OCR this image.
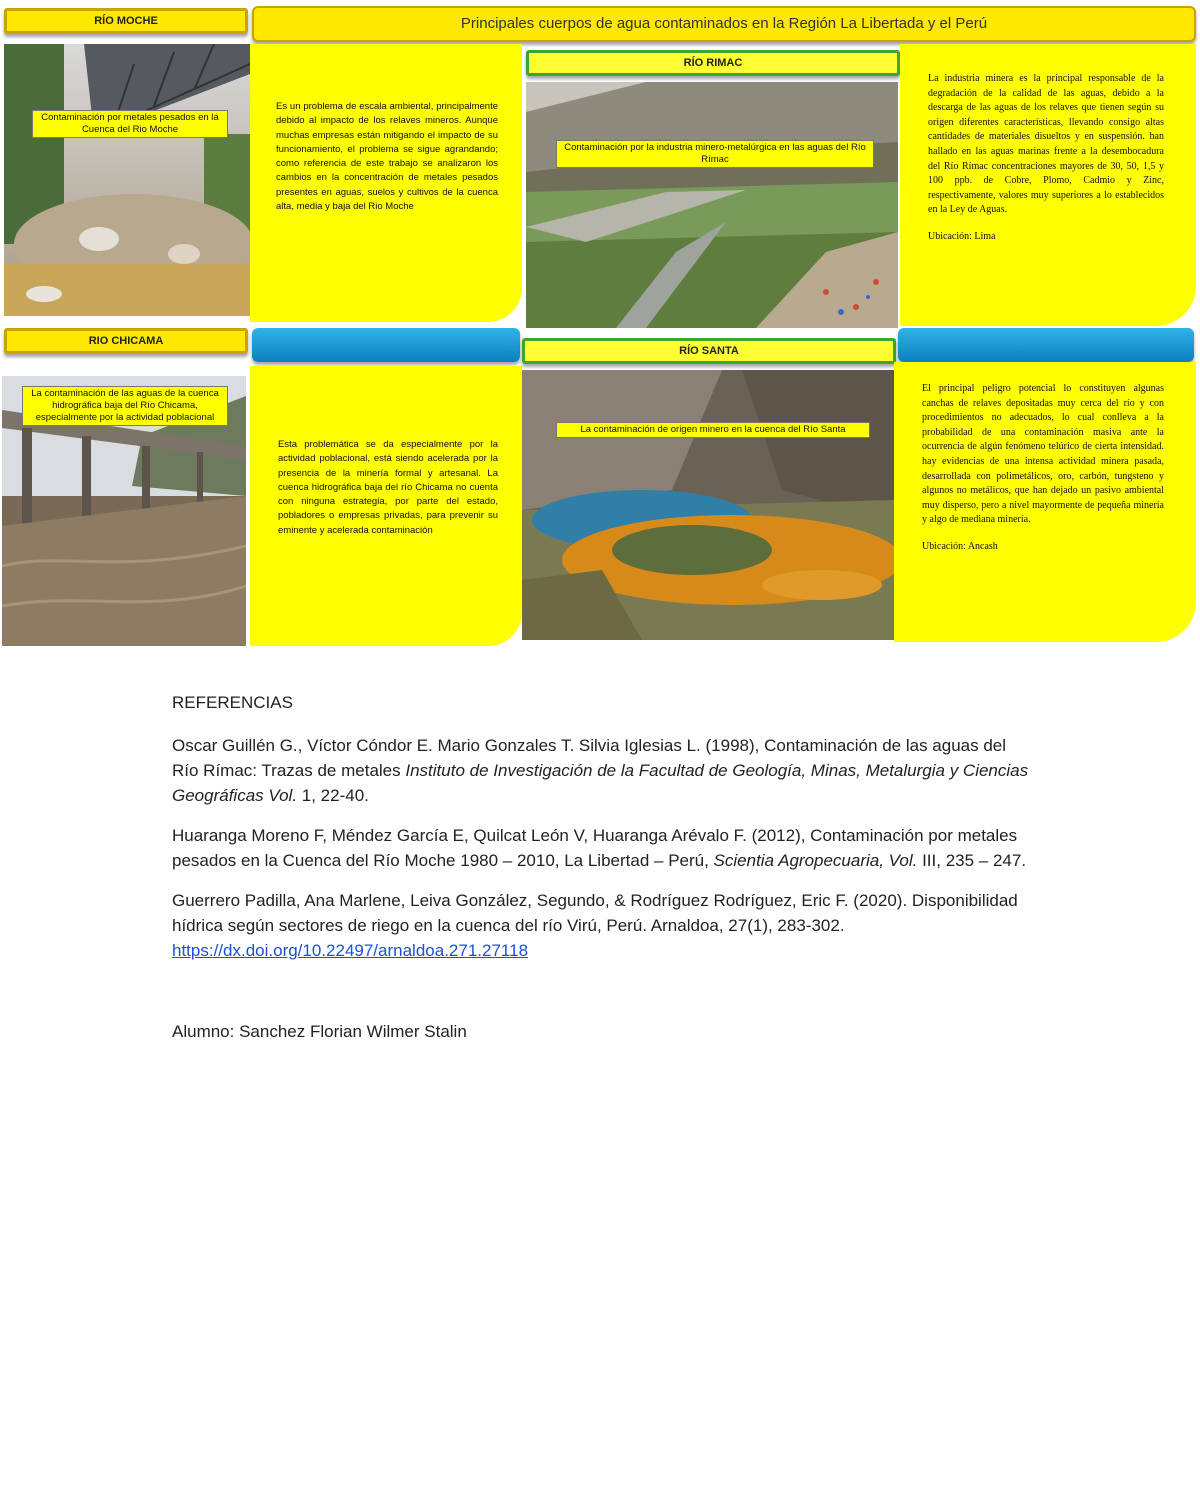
RÍO MOCHE	Principales cuerpos de agua contaminados en la Región La Libertada y el Perú
Contaminación por metales pesados en la Cuenca del Rio Moche
Es un problema de escala ambiental, principalmente debido al impacto de los relaves mineros. Aunque muchas empresas están mitigando el impacto de su funcionamiento, el problema se sigue agrandando; como referencia de este trabajo se analizaron los cambios en la concentración de metales pesados presentes en aguas, suelos y cultivos de la cuenca alta, media y baja del Rio Moche
RÍO RIMAC
Contaminación por la industria minero-metalúrgica en las aguas del Río Rímac

La industria minera es la principal responsable de la degradación de la calidad de las aguas, debido a la descarga de las aguas de los relaves que tienen según su origen diferentes características, llevando consigo altas cantidades de materiales disueltos y en suspensión. han hallado en las aguas marinas frente a la desembocadura del Río Rímac concentraciones mayores de 30, 50, 1,5 y 100 ppb. de Cobre, Plomo, Cadmio y Zinc, respectivamente, valores muy superiores a lo establecidos en la Ley de Aguas.

Ubicación: Lima

RIO CHICAMA
La contaminación de las aguas de la cuenca hidrográfica baja del Río Chicama, especialmente por la actividad poblacional
Esta problemática se da especialmente por la actividad poblacional, está siendo acelerada por la presencia de la minería formal y artesanal. La cuenca hidrográfica baja del río Chicama no cuenta con ninguna estrategia, por parte del estado, pobladores o empresas privadas, para prevenir su eminente y acelerada contaminación
RÍO SANTA
La contaminación de origen minero en la cuenca del Río Santa

El principal peligro potencial lo constituyen algunas canchas de relaves depositadas muy cerca del río y con procedimientos no adecuados, lo cual conlleva a la probabilidad de una contaminación masiva ante la ocurrencia de algún fenómeno telúrico de cierta intensidad. hay evidencias de una intensa actividad minera pasada, desarrollada con polimetálicos, oro, carbón, tungsteno y algunos no metálicos, que han dejado un pasivo ambiental muy disperso, pero a nivel mayormente de pequeña minería y algo de mediana minería.

Ubicación: Ancash

REFERENCIAS

Oscar Guillén G., Víctor Cóndor E. Mario Gonzales T. Silvia Iglesias L. (1998), Contaminación de las aguas del Río Rímac: Trazas de metales Instituto de Investigación de la Facultad de Geología, Minas, Metalurgia y Ciencias Geográficas Vol. 1, 22-40.

Huaranga Moreno F, Méndez García E, Quilcat León V, Huaranga Arévalo F. (2012), Contaminación por metales pesados en la Cuenca del Río Moche 1980 – 2010, La Libertad – Perú, Scientia Agropecuaria, Vol. III, 235 – 247.

Guerrero Padilla, Ana Marlene, Leiva González, Segundo, & Rodríguez Rodríguez, Eric F. (2020). Disponibilidad hídrica según sectores de riego en la cuenca del río Virú, Perú. Arnaldoa, 27(1), 283-302.
https://dx.doi.org/10.22497/arnaldoa.271.27118

Alumno: Sanchez Florian Wilmer Stalin
